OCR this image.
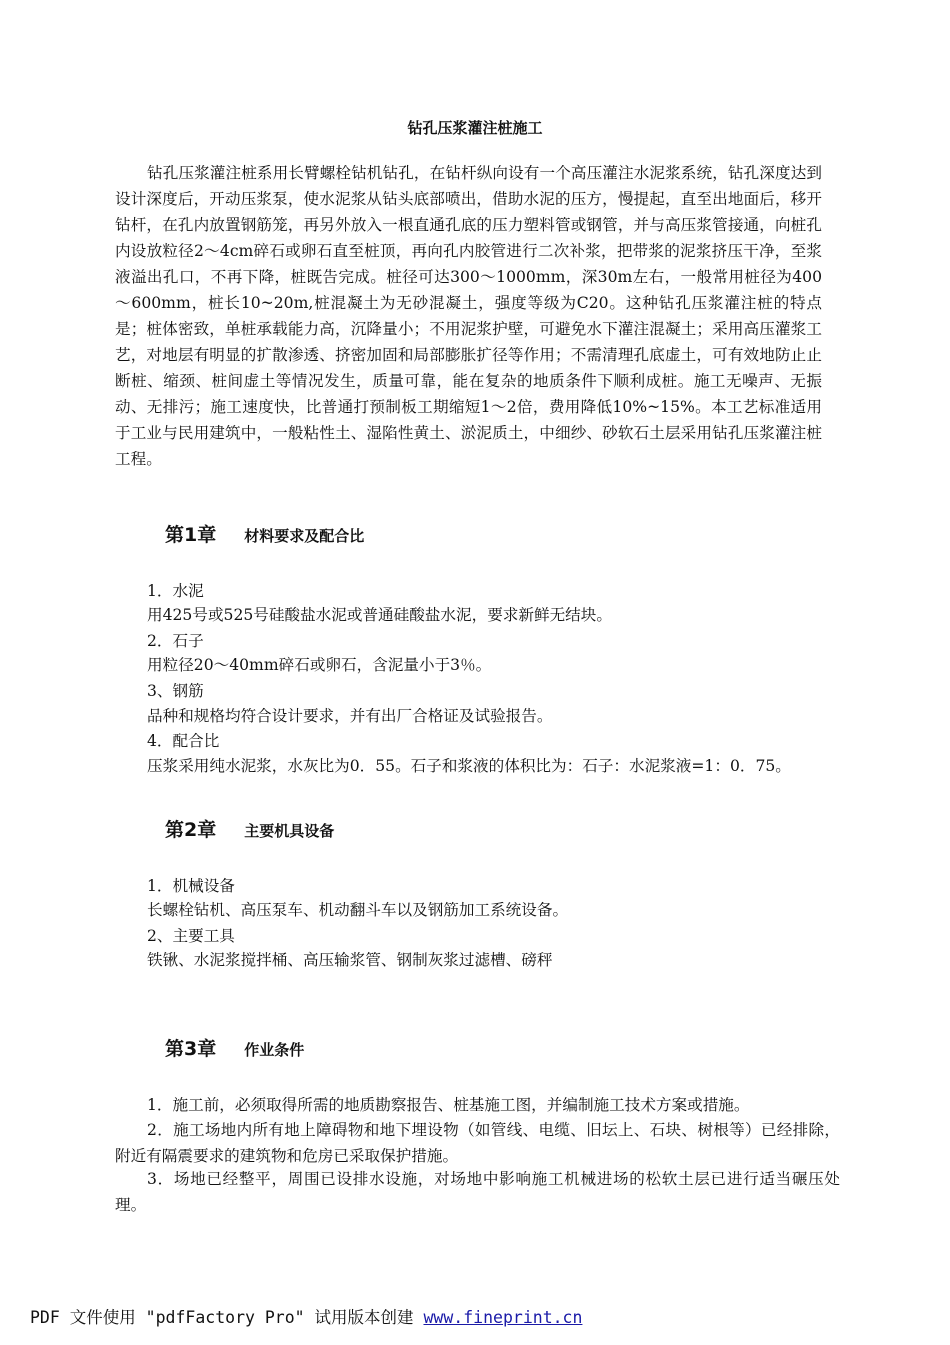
钻孔压浆灌注桩施工

钻孔压浆灌注桩系用长臂螺栓钻机钻孔，在钻杆纵向设有一个高压灌注水泥浆系统，钻孔深度达到设计深度后，开动压浆泵，使水泥浆从钻头底部喷出，借助水泥的压方，慢提起，直至出地面后，移开钻杆，在孔内放置钢筋笼，再另外放入一根直通孔底的压力塑料管或钢管，并与高压浆管接通，向桩孔内设放粒径2～4cm碎石或卵石直至桩顶，再向孔内胶管进行二次补浆，把带浆的泥浆挤压干净，至浆液溢出孔口，不再下降，桩既告完成。桩径可达300～1000mm，深30m左右，一般常用桩径为400～600mm，桩长10~20m,桩混凝土为无砂混凝土，强度等级为C20。这种钻孔压浆灌注桩的特点是；桩体密致，单桩承载能力高，沉降量小；不用泥浆护壁，可避免水下灌注混凝土；采用高压灌浆工艺，对地层有明显的扩散渗透、挤密加固和局部膨胀扩径等作用；不需清理孔底虚土，可有效地防止止断桩、缩颈、桩间虚土等情况发生，质量可靠，能在复杂的地质条件下顺利成桩。施工无噪声、无振动、无排污；施工速度快，比普通打预制板工期缩短1～2倍，费用降低10%~15%。本工艺标准适用于工业与民用建筑中，一般粘性土、湿陷性黄土、淤泥质土，中细纱、砂软石土层采用钻孔压浆灌注桩工程。

第1章 材料要求及配合比
1．水泥
用425号或525号硅酸盐水泥或普通硅酸盐水泥，要求新鲜无结块。
2．石子
用粒径20～40mm碎石或卵石，含泥量小于3％。
3、钢筋
品种和规格均符合设计要求，并有出厂合格证及试验报告。
4．配合比
压浆采用纯水泥浆，水灰比为0．55。石子和浆液的体积比为：石子：水泥浆液=1：0．75。
第2章 主要机具设备
1．机械设备
长螺栓钻机、高压泵车、机动翻斗车以及钢筋加工系统设备。
2、主要工具
铁锹、水泥浆搅拌桶、高压输浆管、钢制灰浆过滤槽、磅秤
第3章 作业条件

1．施工前，必须取得所需的地质勘察报告、桩基施工图，并编制施工技术方案或措施。

2．施工场地内所有地上障碍物和地下埋设物（如管线、电缆、旧坛上、石块、树根等）已经排除，附近有隔震要求的建筑物和危房已采取保护措施。

3．场地已经整平，周围已设排水设施，对场地中影响施工机械进场的松软土层已进行适当碾压处理。

PDF 文件使用 "pdfFactory Pro" 试用版本创建 www.fineprint.cn
